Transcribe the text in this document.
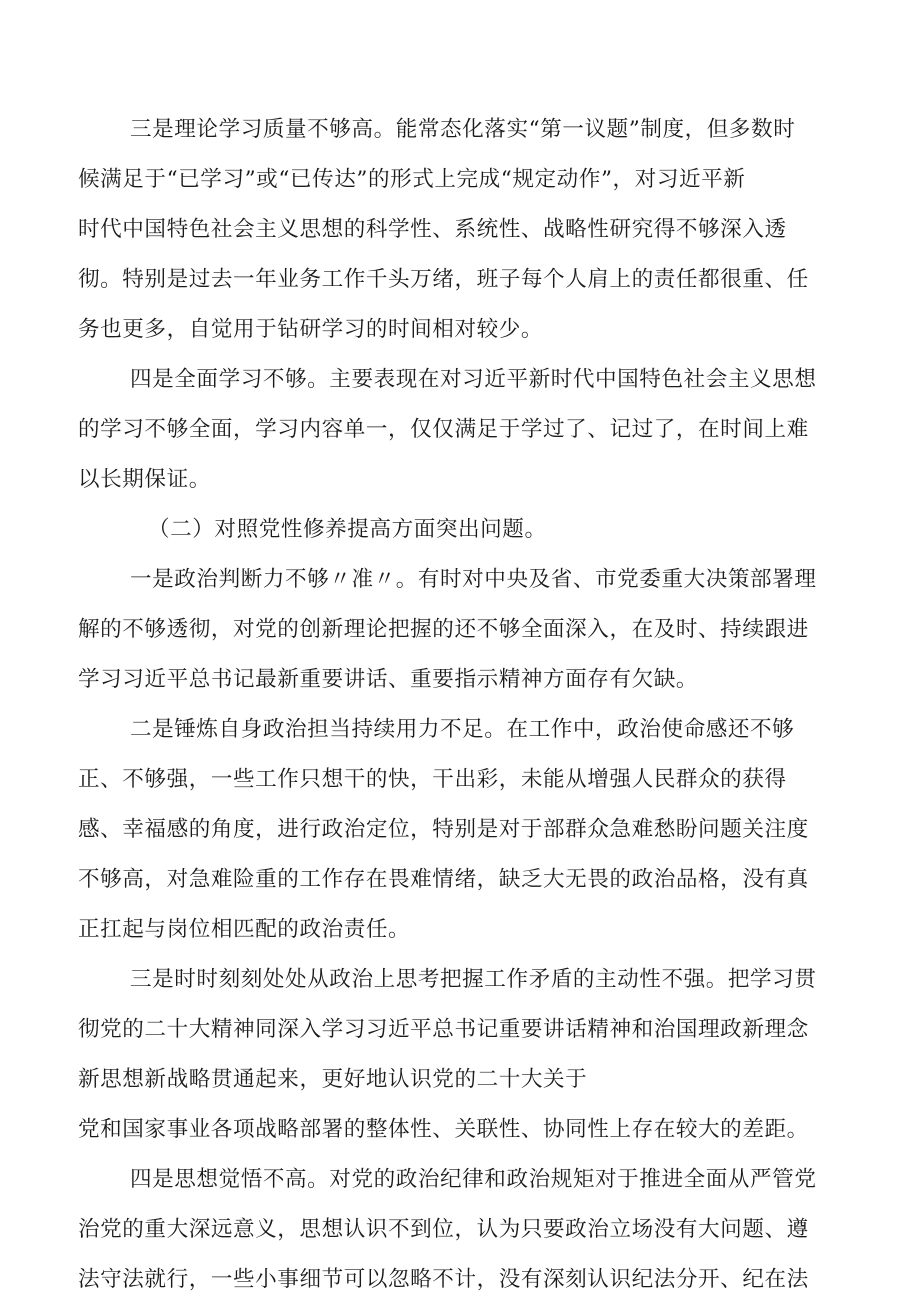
三是理论学习质量不够高。能常态化落实“第一议题”制度，但多数时
候满足于“已学习”或“已传达”的形式上完成“规定动作”，对习近平新
时代中国特色社会主义思想的科学性、系统性、战略性研究得不够深入透
彻。特别是过去一年业务工作千头万绪，班子每个人肩上的责任都很重、任
务也更多，自觉用于钻研学习的时间相对较少。
四是全面学习不够。主要表现在对习近平新时代中国特色社会主义思想
的学习不够全面，学习内容单一，仅仅满足于学过了、记过了，在时间上难
以长期保证。
（二）对照党性修养提高方面突出问题。
一是政治判断力不够〃准〃。有时对中央及省、市党委重大决策部署理
解的不够透彻，对党的创新理论把握的还不够全面深入，在及时、持续跟进
学习习近平总书记最新重要讲话、重要指示精神方面存有欠缺。
二是锤炼自身政治担当持续用力不足。在工作中，政治使命感还不够
正、不够强，一些工作只想干的快，干出彩，未能从增强人民群众的获得
感、幸福感的角度，进行政治定位，特别是对于部群众急难愁盼问题关注度
不够高，对急难险重的工作存在畏难情绪，缺乏大无畏的政治品格，没有真
正扛起与岗位相匹配的政治责任。
三是时时刻刻处处从政治上思考把握工作矛盾的主动性不强。把学习贯
彻党的二十大精神同深入学习习近平总书记重要讲话精神和治国理政新理念
新思想新战略贯通起来，更好地认识党的二十大关于
党和国家事业各项战略部署的整体性、关联性、协同性上存在较大的差距。
四是思想觉悟不高。对党的政治纪律和政治规矩对于推进全面从严管党
治党的重大深远意义，思想认识不到位，认为只要政治立场没有大问题、遵
法守法就行，一些小事细节可以忽略不计，没有深刻认识纪法分开、纪在法
